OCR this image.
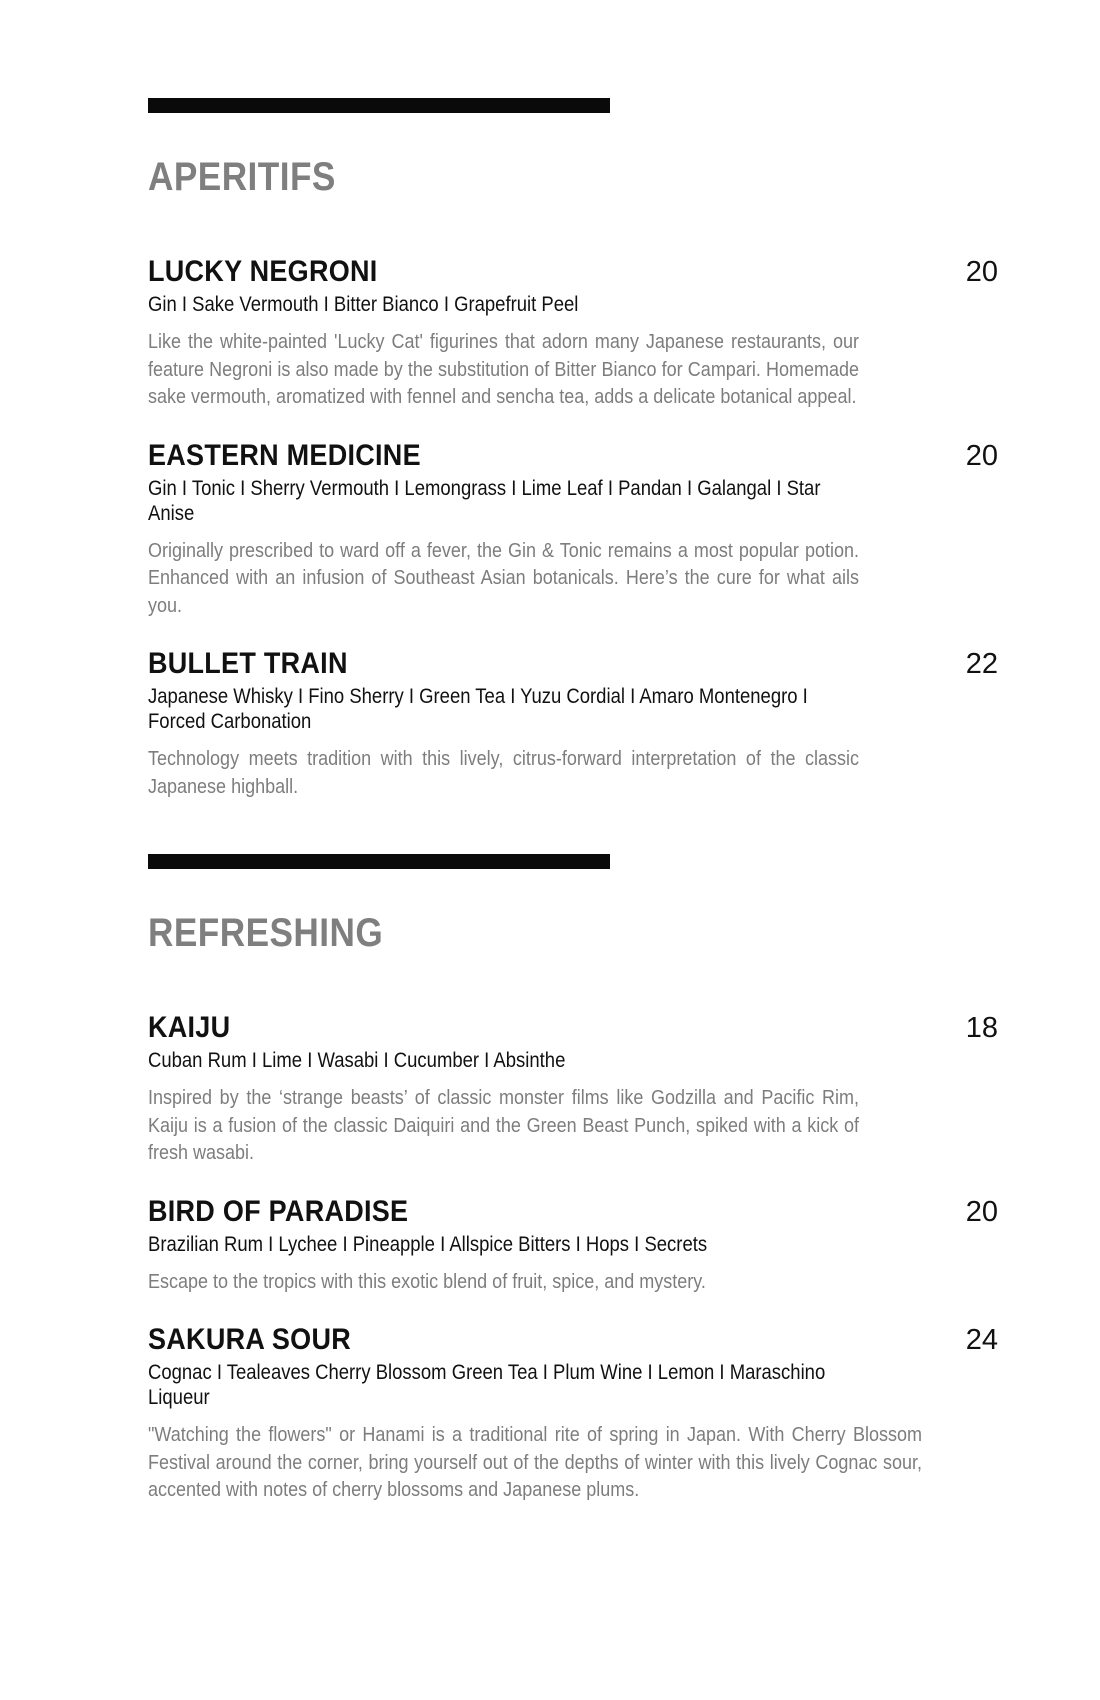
APERITIFS
LUCKY NEGRONI	20
Gin I Sake Vermouth I Bitter Bianco I Grapefruit Peel
Like the white-painted 'Lucky Cat' figurines that adorn many Japanese restaurants, our feature Negroni is also made by the substitution of Bitter Bianco for Campari. Homemade sake vermouth, aromatized with fennel and sencha tea, adds a delicate botanical appeal.
EASTERN MEDICINE	20
Gin I Tonic I Sherry Vermouth I Lemongrass I Lime Leaf I Pandan I Galangal I Star Anise
Originally prescribed to ward off a fever, the Gin & Tonic remains a most popular potion. Enhanced with an infusion of Southeast Asian botanicals. Here’s the cure for what ails you.
BULLET TRAIN	22
Japanese Whisky I Fino Sherry I Green Tea I Yuzu Cordial I Amaro Montenegro I Forced Carbonation
Technology meets tradition with this lively, citrus-forward interpretation of the classic Japanese highball.
REFRESHING
KAIJU	18
Cuban Rum I Lime I Wasabi I Cucumber I Absinthe
Inspired by the ‘strange beasts’ of classic monster films like Godzilla and Pacific Rim, Kaiju is a fusion of the classic Daiquiri and the Green Beast Punch, spiked with a kick of fresh wasabi.
BIRD OF PARADISE	20
Brazilian Rum I Lychee I Pineapple I Allspice Bitters I Hops I Secrets
Escape to the tropics with this exotic blend of fruit, spice, and mystery.
SAKURA SOUR	24
Cognac I Tealeaves Cherry Blossom Green Tea I Plum Wine I Lemon I Maraschino Liqueur
"Watching the flowers" or Hanami is a traditional rite of spring in Japan. With Cherry Blossom Festival around the corner, bring yourself out of the depths of winter with this lively Cognac sour, accented with notes of cherry blossoms and Japanese plums.
